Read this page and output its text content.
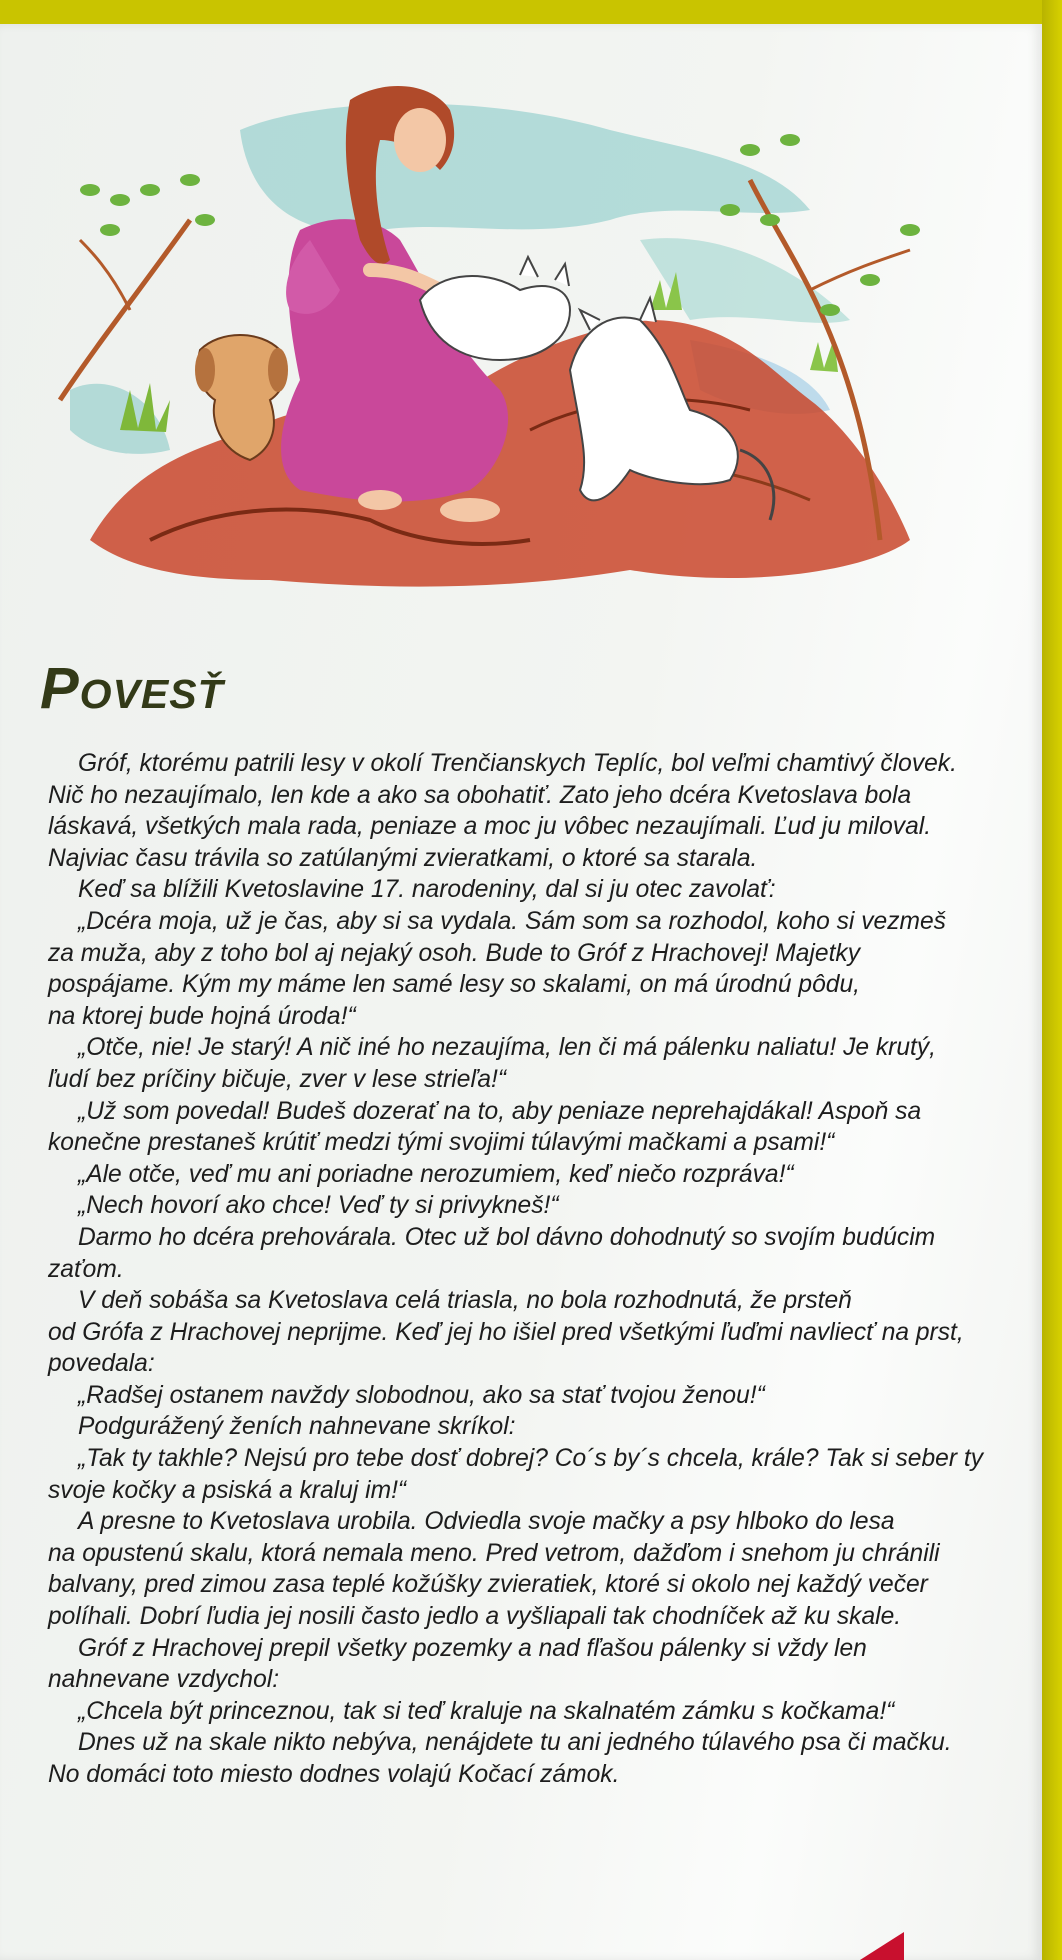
Povesť
Gróf, ktorému patrili lesy v okolí Trenčianskych Teplíc, bol veľmi chamtivý človek.
Nič ho nezaujímalo, len kde a ako sa obohatiť. Zato jeho dcéra Kvetoslava bola
láskavá, všetkých mala rada, peniaze a moc ju vôbec nezaujímali. Ľud ju miloval.
Najviac času trávila so zatúlanými zvieratkami, o ktoré sa starala.
Keď sa blížili Kvetoslavine 17. narodeniny, dal si ju otec zavolať:
„Dcéra moja, už je čas, aby si sa vydala. Sám som sa rozhodol, koho si vezmeš
za muža, aby z toho bol aj nejaký osoh. Bude to Gróf z Hrachovej! Majetky
pospájame. Kým my máme len samé lesy so skalami, on má úrodnú pôdu,
na ktorej bude hojná úroda!“
„Otče, nie! Je starý! A nič iné ho nezaujíma, len či má pálenku naliatu! Je krutý,
ľudí bez príčiny bičuje, zver v lese strieľa!“
„Už som povedal! Budeš dozerať na to, aby peniaze neprehajdákal! Aspoň sa
konečne prestaneš krútiť medzi tými svojimi túlavými mačkami a psami!“
„Ale otče, veď mu ani poriadne nerozumiem, keď niečo rozpráva!“
„Nech hovorí ako chce! Veď ty si privykneš!“
Darmo ho dcéra prehovárala. Otec už bol dávno dohodnutý so svojím budúcim
zaťom.
V deň sobáša sa Kvetoslava celá triasla, no bola rozhodnutá, že prsteň
od Grófa z Hrachovej neprijme. Keď jej ho išiel pred všetkými ľuďmi navliecť na prst,
povedala:
„Radšej ostanem navždy slobodnou, ako sa stať tvojou ženou!“
Podgurážený ženích nahnevane skríkol:
„Tak ty takhle? Nejsú pro tebe dosť dobrej? Co´s by´s chcela, krále? Tak si seber ty
svoje kočky a psiská a kraluj im!“
A presne to Kvetoslava urobila. Odviedla svoje mačky a psy hlboko do lesa
na opustenú skalu, ktorá nemala meno. Pred vetrom, dažďom i snehom ju chránili
balvany, pred zimou zasa teplé kožúšky zvieratiek, ktoré si okolo nej každý večer
políhali. Dobrí ľudia jej nosili často jedlo a vyšliapali tak chodníček až ku skale.
Gróf z Hrachovej prepil všetky pozemky a nad fľašou pálenky si vždy len
nahnevane vzdychol:
„Chcela být princeznou, tak si teď kraluje na skalnatém zámku s kočkama!“
Dnes už na skale nikto nebýva, nenájdete tu ani jedného túlavého psa či mačku.
No domáci toto miesto dodnes volajú Kočací zámok.
